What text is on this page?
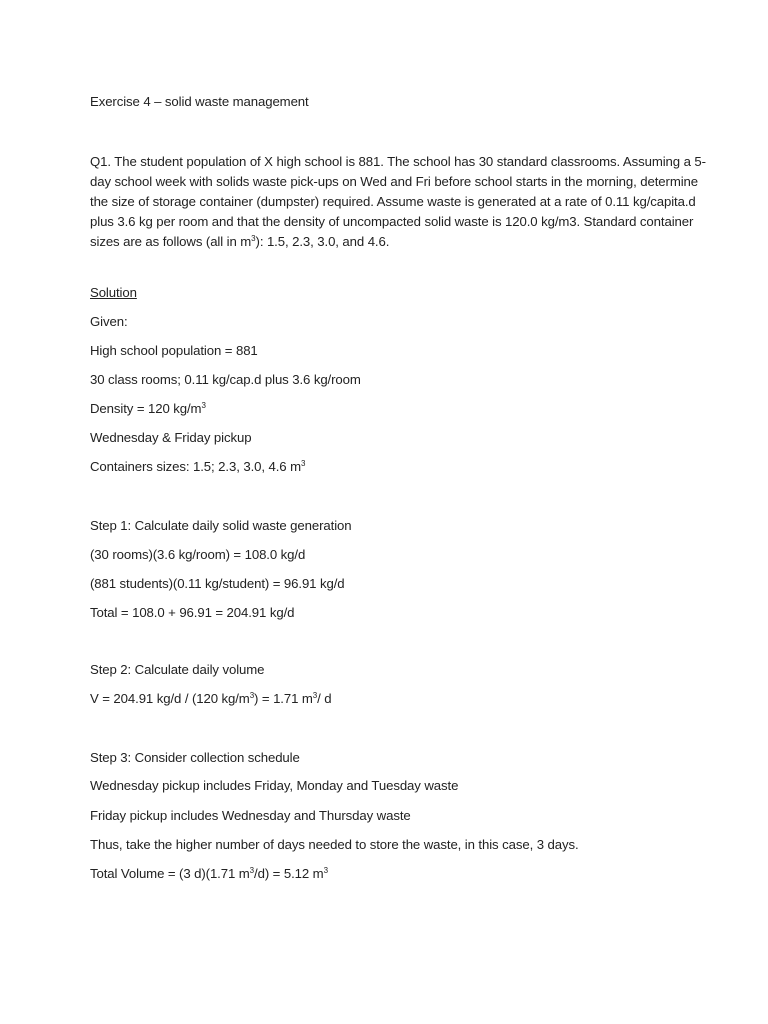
Exercise 4 – solid waste management
Q1. The student population of X high school is 881. The school has 30 standard classrooms. Assuming a 5-
day school week with solids waste pick-ups on Wed and Fri before school starts in the morning, determine
the size of storage container (dumpster) required. Assume waste is generated at a rate of 0.11 kg/capita.d
plus 3.6 kg per room and that the density of uncompacted solid waste is 120.0 kg/m3. Standard container
sizes are as follows (all in $m^3$): 1.5, 2.3, 3.0, and 4.6.
Solution
Given:
High school population = 881
30 class rooms; 0.11 kg/cap.d plus 3.6 kg/room
Density = 120 $kg/m^3$
Wednesday & Friday pickup
Containers sizes: 1.5; 2.3, 3.0, 4.6 $m^3$
Step 1: Calculate daily solid waste generation
(30 rooms)(3.6 kg/room) = 108.0 kg/d
(881 students)(0.11 kg/student) = 96.91 kg/d
Total = 108.0 + 96.91 = 204.91 kg/d
Step 2: Calculate daily volume
V = 204.91 kg/d / (120 $kg/m^3) = 1.71$ $m^3/$ d
Step 3: Consider collection schedule
Wednesday pickup includes Friday, Monday and Tuesday waste
Friday pickup includes Wednesday and Thursday waste
Thus, take the higher number of days needed to store the waste, in this case, 3 days.
Total Volume = (3 d)(1.71 $m^3/d) = 5.12$ $m^3$
